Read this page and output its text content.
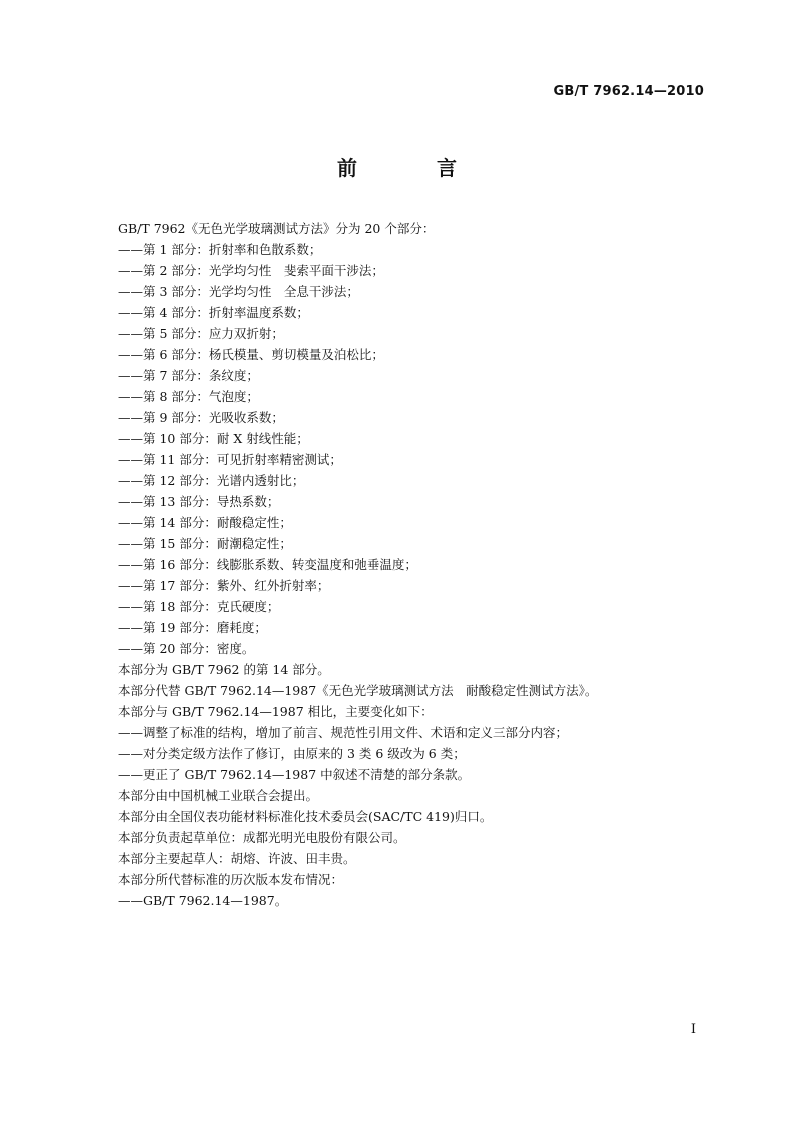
GB/T 7962.14—2010
前　言
GB/T 7962《无色光学玻璃测试方法》分为 20 个部分：
——第 1 部分：折射率和色散系数；
——第 2 部分：光学均匀性　斐索平面干涉法；
——第 3 部分：光学均匀性　全息干涉法；
——第 4 部分：折射率温度系数；
——第 5 部分：应力双折射；
——第 6 部分：杨氏模量、剪切模量及泊松比；
——第 7 部分：条纹度；
——第 8 部分：气泡度；
——第 9 部分：光吸收系数；
——第 10 部分：耐 X 射线性能；
——第 11 部分：可见折射率精密测试；
——第 12 部分：光谱内透射比；
——第 13 部分：导热系数；
——第 14 部分：耐酸稳定性；
——第 15 部分：耐潮稳定性；
——第 16 部分：线膨胀系数、转变温度和弛垂温度；
——第 17 部分：紫外、红外折射率；
——第 18 部分：克氏硬度；
——第 19 部分：磨耗度；
——第 20 部分：密度。
本部分为 GB/T 7962 的第 14 部分。
本部分代替 GB/T 7962.14—1987《无色光学玻璃测试方法　耐酸稳定性测试方法》。
本部分与 GB/T 7962.14—1987 相比，主要变化如下：
——调整了标准的结构，增加了前言、规范性引用文件、术语和定义三部分内容；
——对分类定级方法作了修订，由原来的 3 类 6 级改为 6 类；
——更正了 GB/T 7962.14—1987 中叙述不清楚的部分条款。
本部分由中国机械工业联合会提出。
本部分由全国仪表功能材料标准化技术委员会(SAC/TC 419)归口。
本部分负责起草单位：成都光明光电股份有限公司。
本部分主要起草人：胡熔、许波、田丰贵。
本部分所代替标准的历次版本发布情况：
——GB/T 7962.14—1987。
I
